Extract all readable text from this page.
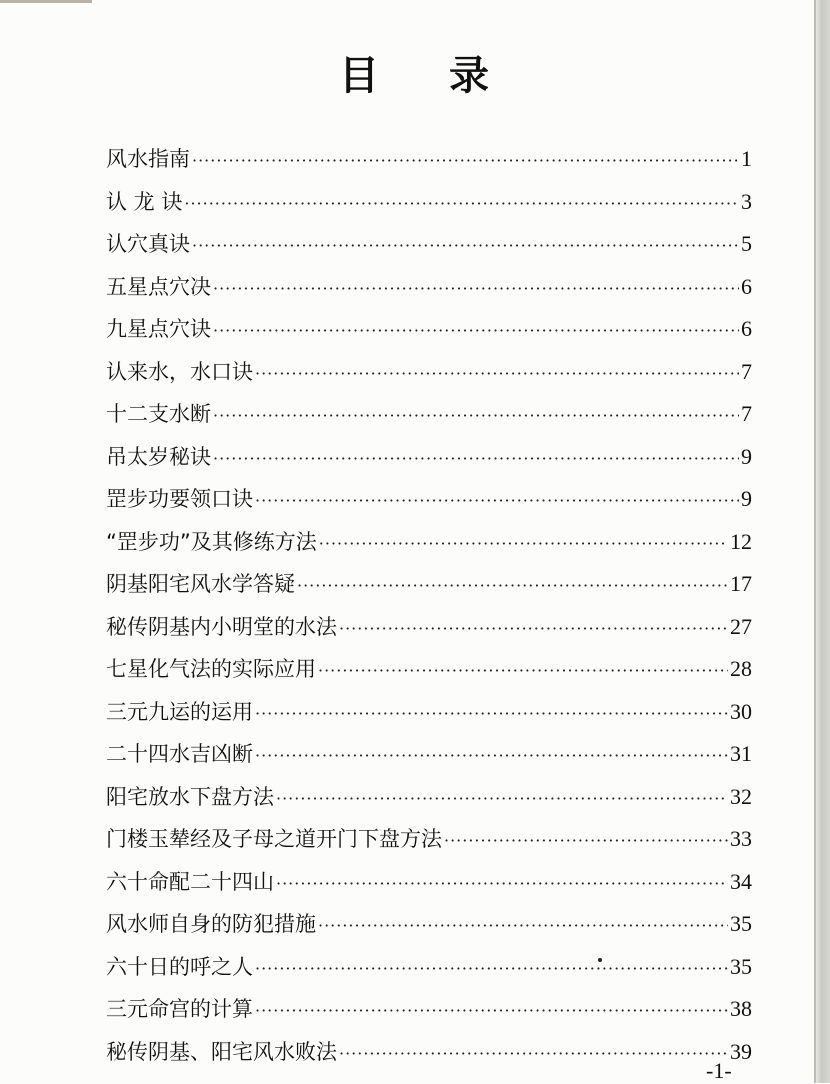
目 录
风水指南 ·····	1
认 龙 诀 ·····	3
认穴真诀 ·····	5
五星点穴决 ·····	6
九星点穴诀 ·····	6
认来水，水口诀 ·····	7
十二支水断 ·····	7
吊太岁秘诀 ·····	9
罡步功要领口诀 ·····	9
“罡步功”及其修练方法 ·····	12
阴基阳宅风水学答疑 ·····	17
秘传阴基内小明堂的水法 ·····	27
七星化气法的实际应用 ·····	28
三元九运的运用 ·····	30
二十四水吉凶断 ·····	31
阳宅放水下盘方法 ·····	32
门楼玉辇经及子母之道开门下盘方法 ·····	33
六十命配二十四山 ·····	34
风水师自身的防犯措施 ·····	35
六十日的呼之人 ·····	35
三元命宫的计算 ·····	38
秘传阴基、阳宅风水败法 ·····	39
-1-
